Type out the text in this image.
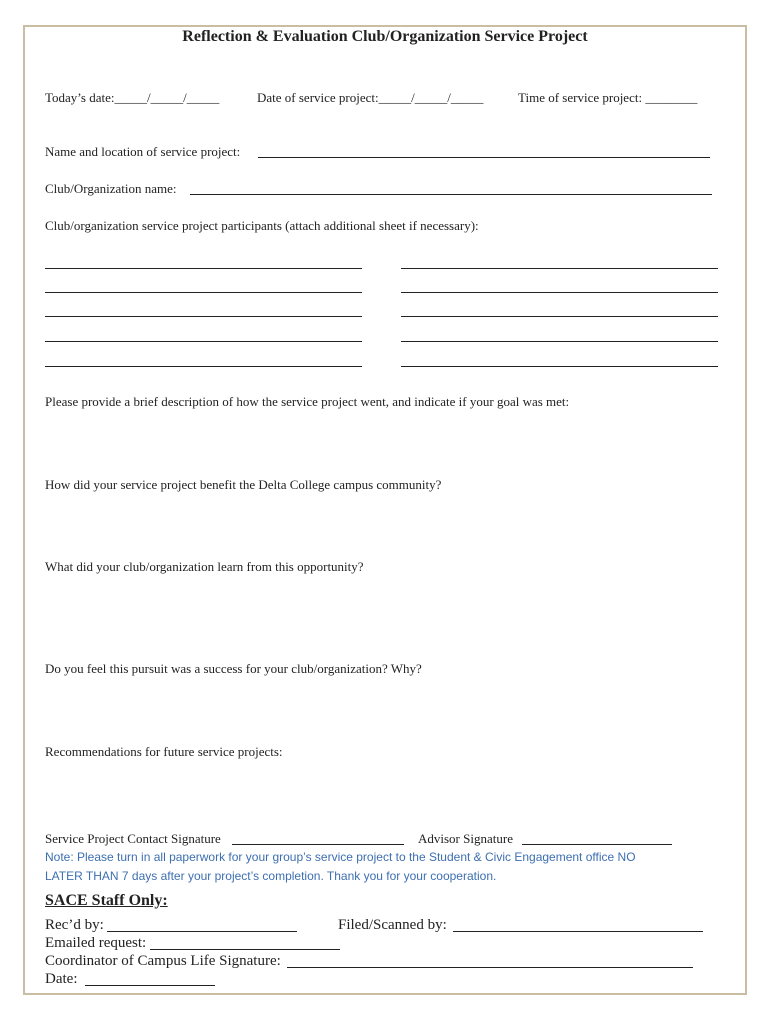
Reflection & Evaluation Club/Organization Service Project
Today’s date:_____/_____/_____	Date of service project:_____/_____/_____	Time of service project: ________
Name and location of service project:
Club/Organization name:
Club/organization service project participants (attach additional sheet if necessary):
Please provide a brief description of how the service project went, and indicate if your goal was met:
How did your service project benefit the Delta College campus community?
What did your club/organization learn from this opportunity?
Do you feel this pursuit was a success for your club/organization? Why?
Recommendations for future service projects:
Service Project Contact Signature	Advisor Signature
Note: Please turn in all paperwork for your group’s service project to the Student & Civic Engagement office NO
LATER THAN 7 days after your project’s completion. Thank you for your cooperation.
SACE Staff Only:
Rec’d by:	Filed/Scanned by:
Emailed request:
Coordinator of Campus Life Signature:
Date:
